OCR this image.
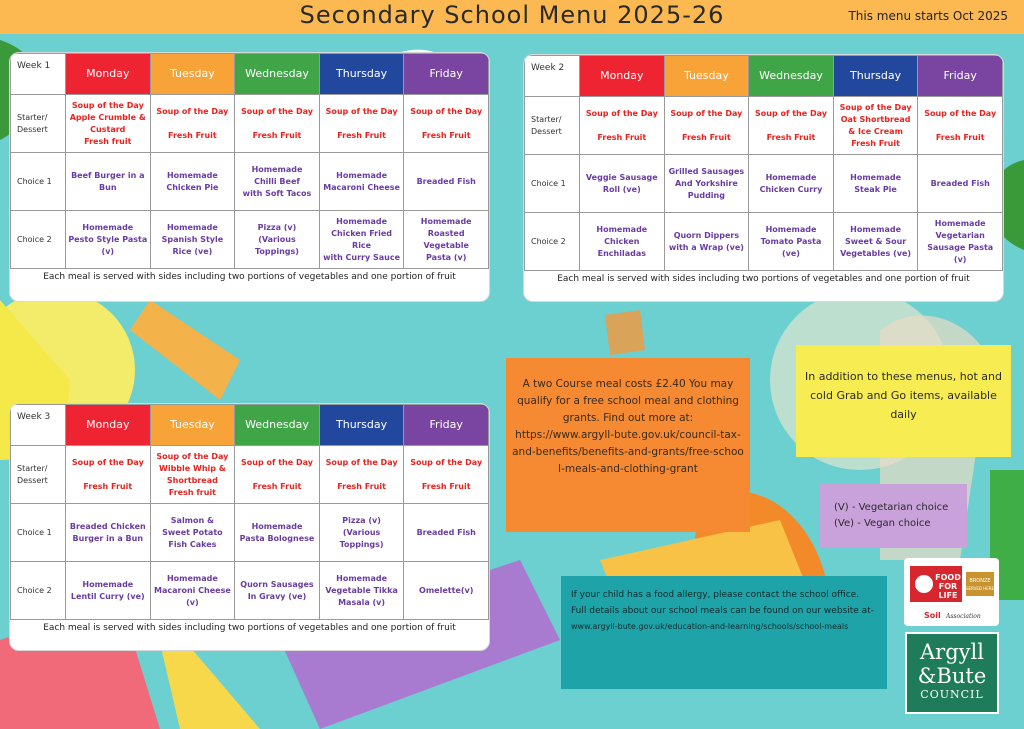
Secondary School Menu 2025-26	This menu starts Oct 2025
Week 1	Monday	Tuesday	Wednesday	Thursday	Friday
Starter/ Dessert	Soup of the Day
Apple Crumble &
Custard
Fresh fruit	Soup of the Day

Fresh Fruit	Soup of the Day

Fresh Fruit	Soup of the Day

Fresh Fruit	Soup of the Day

Fresh Fruit

Choice 1	Beef Burger in a
Bun	Homemade
Chicken Pie	Homemade
Chilli Beef
with Soft Tacos	Homemade
Macaroni Cheese	Breaded Fish

Choice 2	Homemade
Pesto Style Pasta
(v)	Homemade
Spanish Style
Rice (ve)	Pizza (v)
(Various
Toppings)	Homemade
Chicken Fried Rice
with Curry Sauce	Homemade
Roasted
Vegetable
Pasta (v)
Each meal is served with sides including two portions of vegetables and one portion of fruit
Week 2	Monday	Tuesday	Wednesday	Thursday	Friday
Starter/ Dessert	Soup of the Day

Fresh Fruit	Soup of the Day

Fresh Fruit	Soup of the Day

Fresh Fruit	Soup of the Day
Oat Shortbread
& Ice Cream
Fresh Fruit	Soup of the Day

Fresh Fruit

Choice 1	Veggie Sausage
Roll (ve)	Grilled Sausages
And Yorkshire
Pudding	Homemade
Chicken Curry	Homemade
Steak Pie	Breaded Fish

Choice 2	Homemade
Chicken
Enchiladas	Quorn Dippers
with a Wrap (ve)	Homemade
Tomato Pasta
(ve)	Homemade
Sweet & Sour
Vegetables (ve)	Homemade
Vegetarian
Sausage Pasta
(v)
Each meal is served with sides including two portions of vegetables and one portion of fruit
Week 3	Monday	Tuesday	Wednesday	Thursday	Friday
Starter/ Dessert	Soup of the Day

Fresh Fruit	Soup of the Day
Wibble Whip &
Shortbread
Fresh fruit	Soup of the Day

Fresh Fruit	Soup of the Day

Fresh Fruit	Soup of the Day

Fresh Fruit

Choice 1	Breaded Chicken
Burger in a Bun	Salmon &
Sweet Potato
Fish Cakes	Homemade
Pasta Bolognese	Pizza (v)
(Various
Toppings)	Breaded Fish

Choice 2	Homemade
Lentil Curry (ve)	Homemade
Macaroni Cheese
(v)	Quorn Sausages
In Gravy (ve)	Homemade
Vegetable Tikka
Masala (v)	Omelette(v)
Each meal is served with sides including two portions of vegetables and one portion of fruit
A two Course meal costs £2.40 You may qualify for a free school meal and clothing grants. Find out more at:
https://www.argyll-bute.gov.uk/council-tax-and-benefits/benefits-and-grants/free-school-meals-and-clothing-grant
In addition to these menus, hot and cold Grab and Go items, available daily
(V) - Vegetarian choice
(Ve) - Vegan choice
If your child has a food allergy, please contact the school office.
Full details about our school meals can be found on our website at-
www.argyll-bute.gov.uk/education-and-learning/schools/school-meals
FOOD
FOR
LIFE
BRONZE
SERVED HERE
Soil Association
Argyll
&Bute
COUNCIL
